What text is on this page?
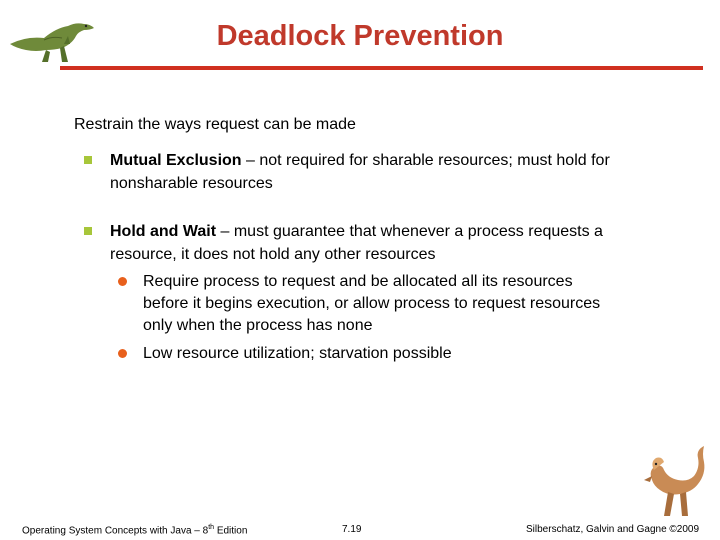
Deadlock Prevention
Restrain the ways request can be made
Mutual Exclusion – not required for sharable resources; must hold for nonsharable resources
Hold and Wait – must guarantee that whenever a process requests a resource, it does not hold any other resources
Require process to request and be allocated all its resources before it begins execution, or allow process to request resources only when the process has none
Low resource utilization; starvation possible
Operating System Concepts with Java – 8th Edition	7.19	Silberschatz, Galvin and Gagne ©2009
